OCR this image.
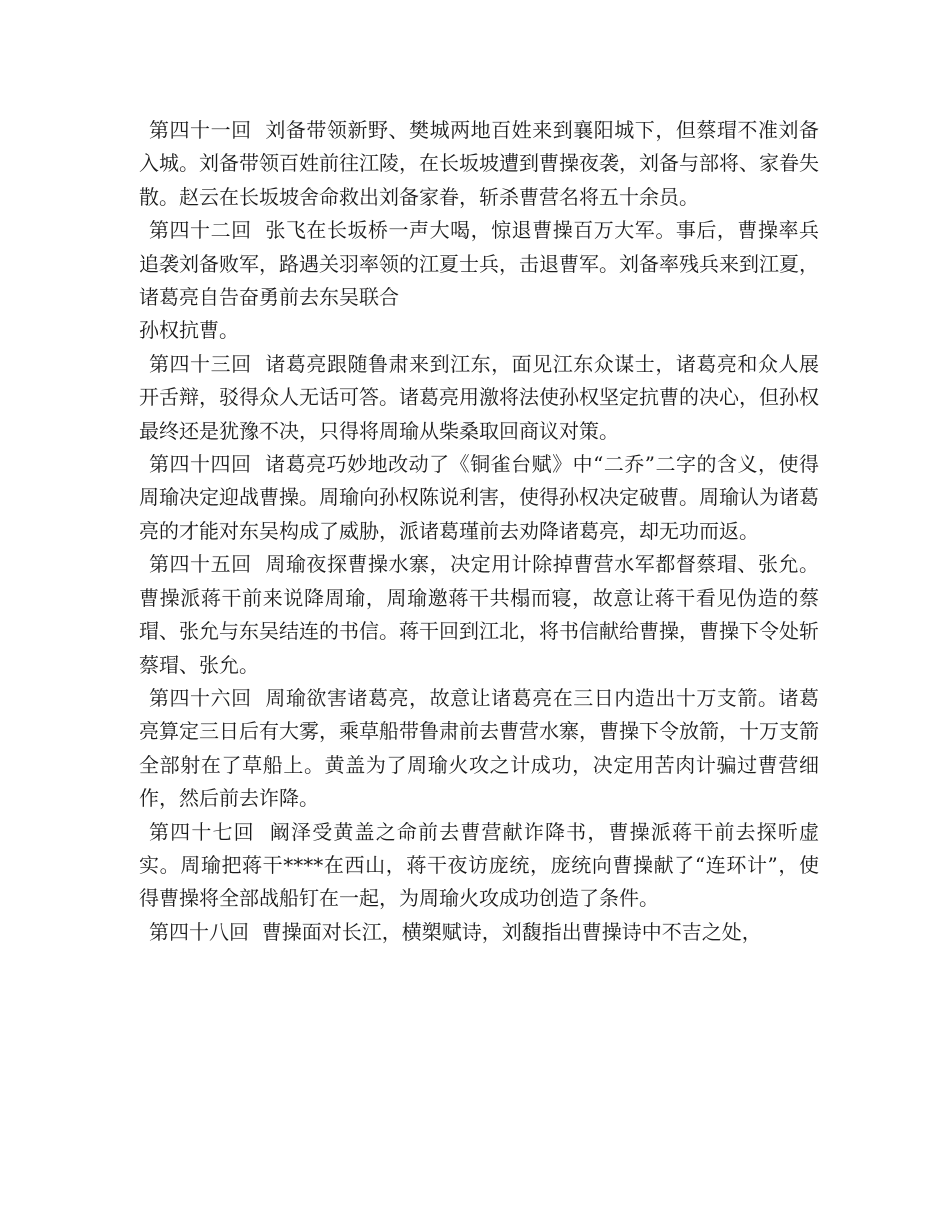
第四十一回  刘备带领新野、樊城两地百姓来到襄阳城下，但蔡瑁不准刘备入城。刘备带领百姓前往江陵，在长坂坡遭到曹操夜袭，刘备与部将、家眷失散。赵云在长坂坡舍命救出刘备家眷，斩杀曹营名将五十余员。

第四十二回  张飞在长坂桥一声大喝，惊退曹操百万大军。事后，曹操率兵追袭刘备败军，路遇关羽率领的江夏士兵，击退曹军。刘备率残兵来到江夏，诸葛亮自告奋勇前去东吴联合

孙权抗曹。

第四十三回  诸葛亮跟随鲁肃来到江东，面见江东众谋士，诸葛亮和众人展开舌辩，驳得众人无话可答。诸葛亮用激将法使孙权坚定抗曹的决心，但孙权最终还是犹豫不决，只得将周瑜从柴桑取回商议对策。

第四十四回  诸葛亮巧妙地改动了《铜雀台赋》中“二乔”二字的含义，使得周瑜决定迎战曹操。周瑜向孙权陈说利害，使得孙权决定破曹。周瑜认为诸葛亮的才能对东吴构成了威胁，派诸葛瑾前去劝降诸葛亮，却无功而返。

第四十五回  周瑜夜探曹操水寨，决定用计除掉曹营水军都督蔡瑁、张允。曹操派蒋干前来说降周瑜，周瑜邀蒋干共榻而寝，故意让蒋干看见伪造的蔡瑁、张允与东吴结连的书信。蒋干回到江北，将书信献给曹操，曹操下令处斩蔡瑁、张允。

第四十六回  周瑜欲害诸葛亮，故意让诸葛亮在三日内造出十万支箭。诸葛亮算定三日后有大雾，乘草船带鲁肃前去曹营水寨，曹操下令放箭，十万支箭全部射在了草船上。黄盖为了周瑜火攻之计成功，决定用苦肉计骗过曹营细作，然后前去诈降。

第四十七回  阚泽受黄盖之命前去曹营献诈降书，曹操派蒋干前去探听虚实。周瑜把蒋干****在西山，蒋干夜访庞统，庞统向曹操献了“连环计”，使得曹操将全部战船钉在一起，为周瑜火攻成功创造了条件。

第四十八回  曹操面对长江，横槊赋诗，刘馥指出曹操诗中不吉之处，
